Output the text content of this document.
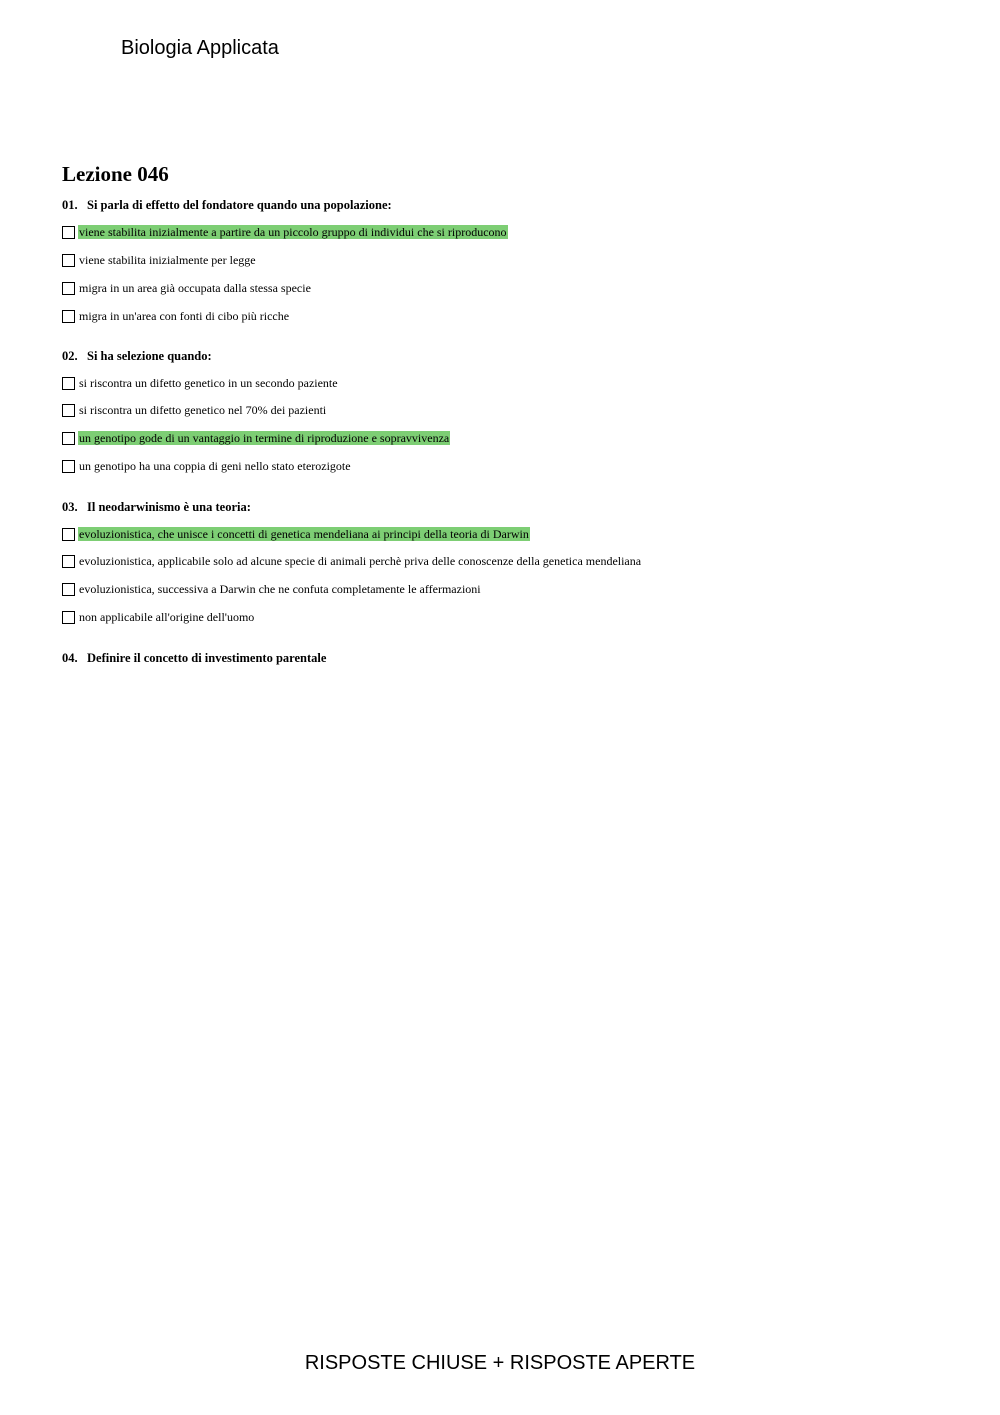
Biologia Applicata
Lezione 046
01. Si parla di effetto del fondatore quando una popolazione:
viene stabilita inizialmente a partire da un piccolo gruppo di individui che si riproducono
viene stabilita inizialmente per legge
migra in un area già occupata dalla stessa specie
migra in un'area con fonti di cibo più ricche
02. Si ha selezione quando:
si riscontra un difetto genetico in un secondo paziente
si riscontra un difetto genetico nel 70% dei pazienti
un genotipo gode di un vantaggio in termine di riproduzione e sopravvivenza
un genotipo ha una coppia di geni nello stato eterozigote
03. Il neodarwinismo è una teoria:
evoluzionistica, che unisce i concetti di genetica mendeliana ai principi della teoria di Darwin
evoluzionistica, applicabile solo ad alcune specie di animali perchè priva delle conoscenze della genetica mendeliana
evoluzionistica, successiva a Darwin che ne confuta completamente le affermazioni
non applicabile all'origine dell'uomo
04. Definire il concetto di investimento parentale
RISPOSTE CHIUSE + RISPOSTE APERTE
